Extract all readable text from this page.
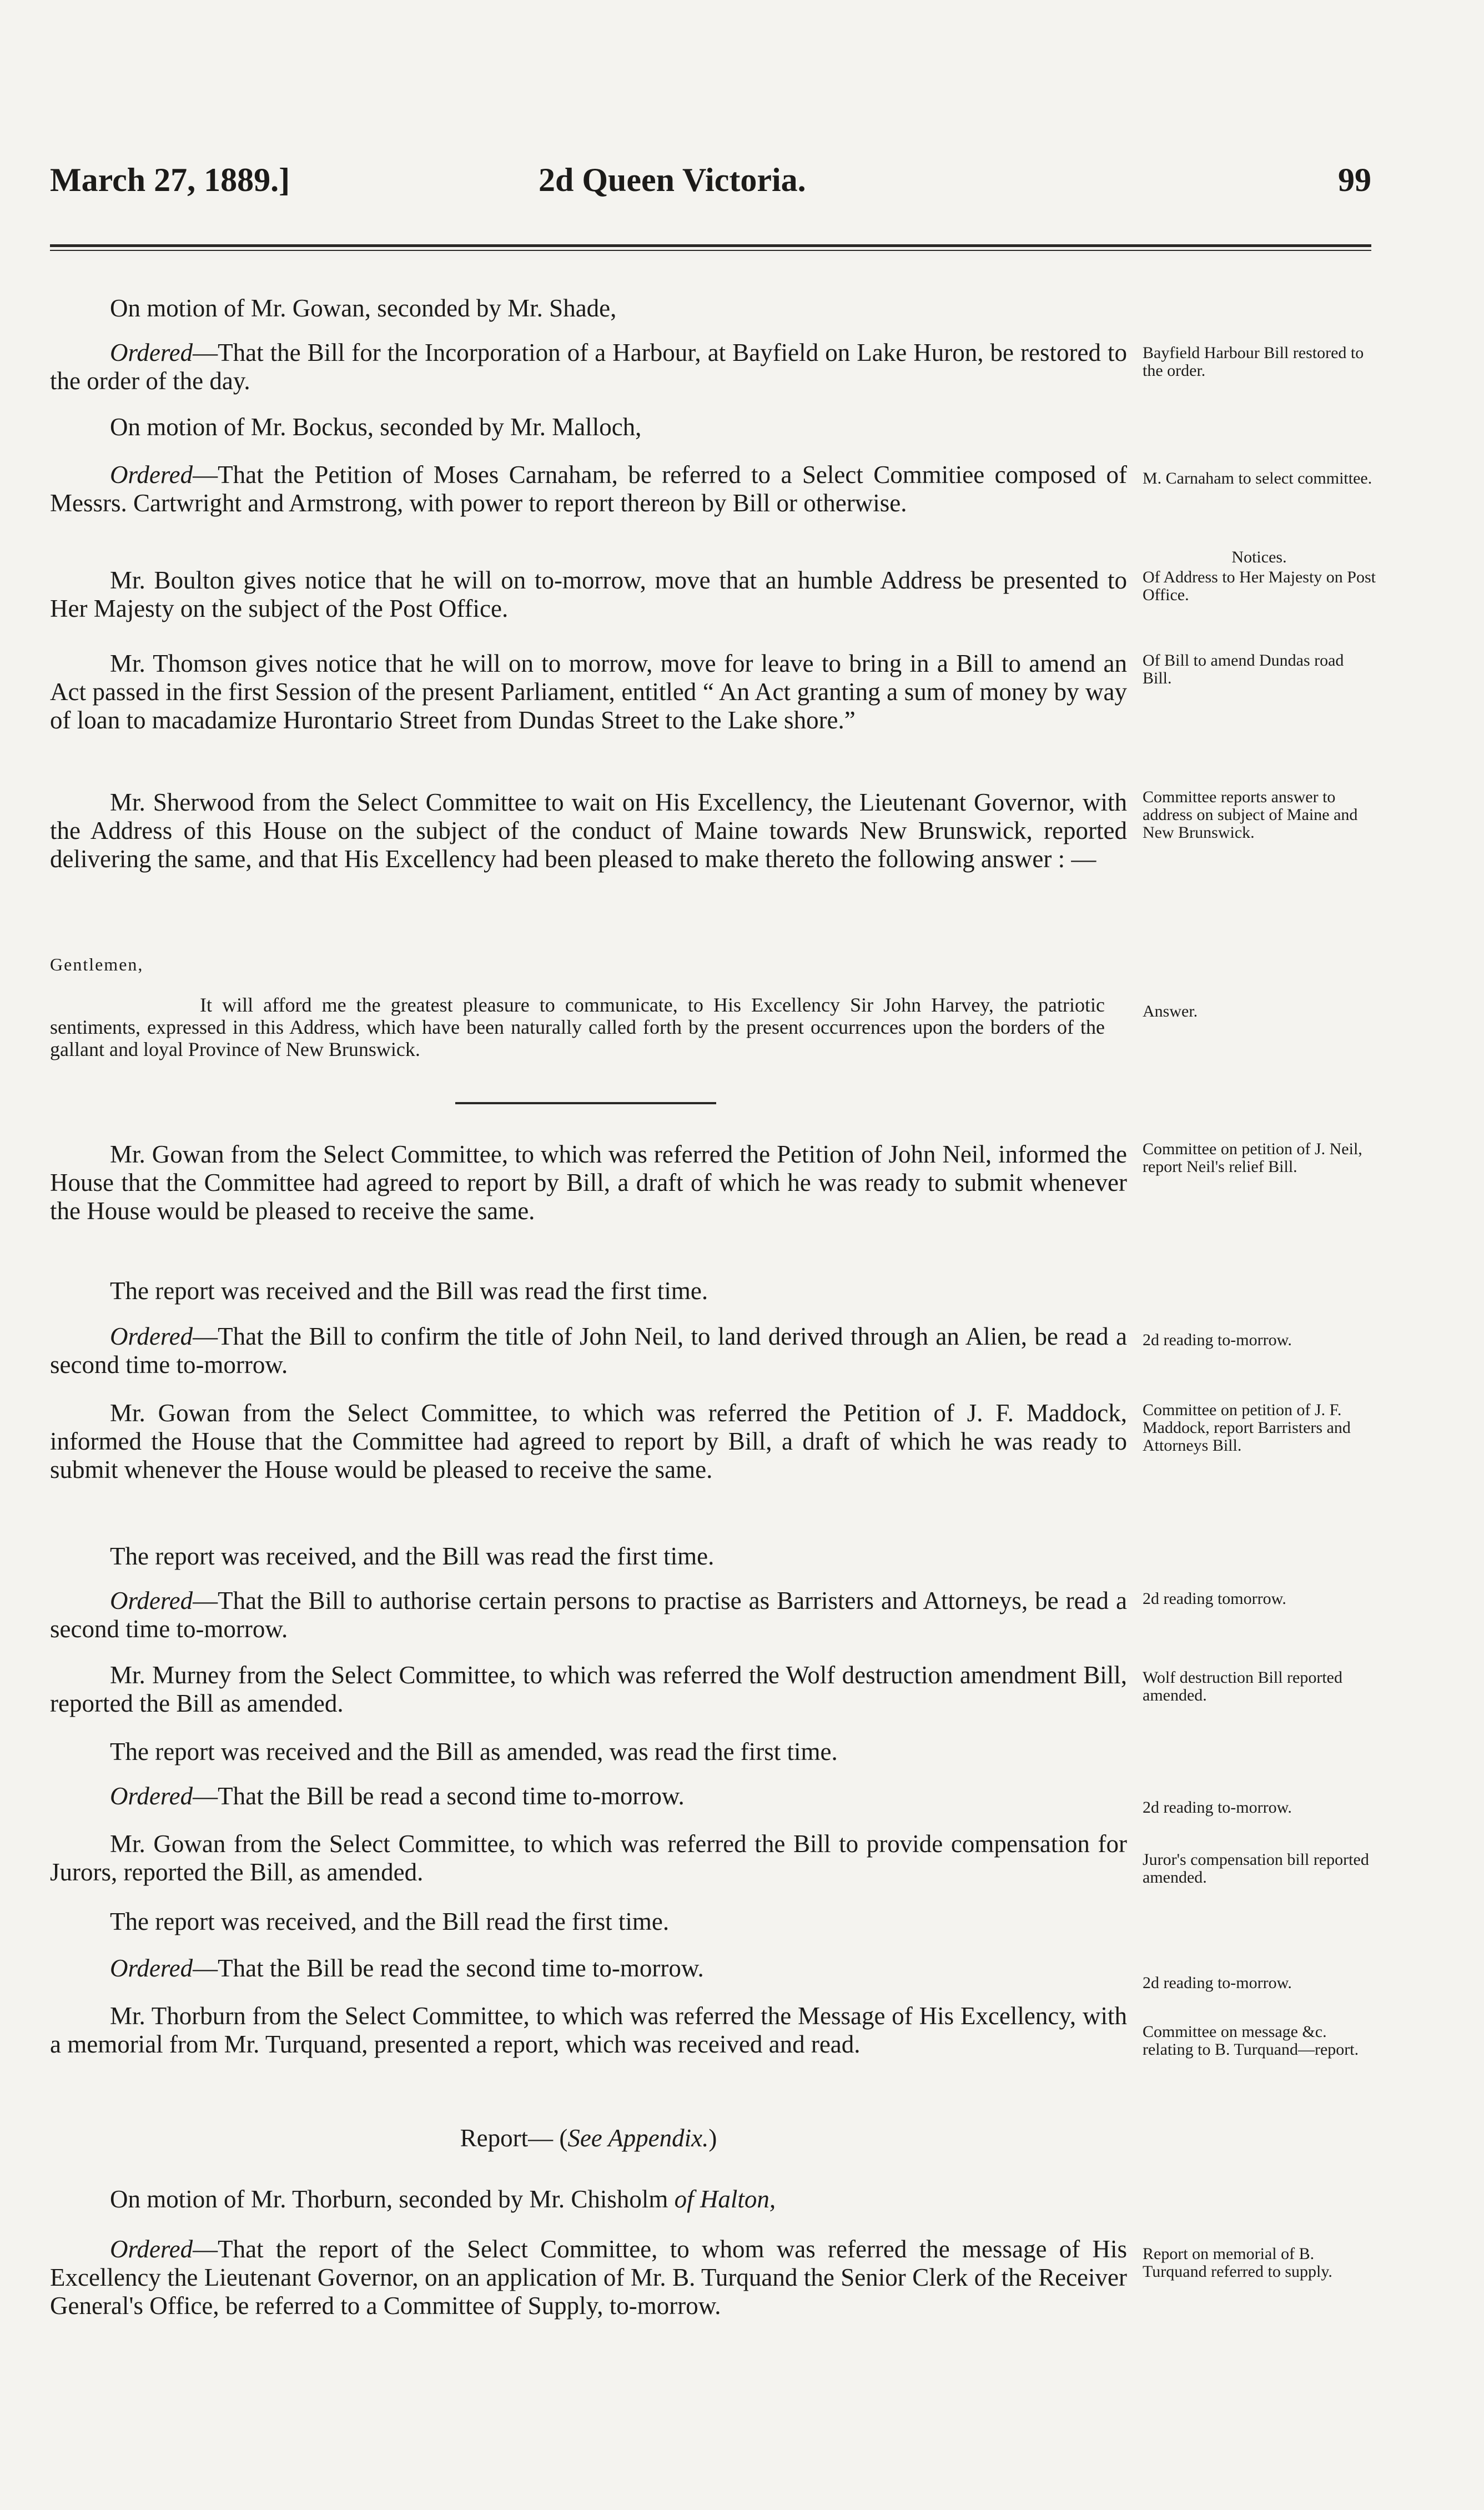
March 27, 1889.]	2d Queen Victoria.	99
On motion of Mr. Gowan, seconded by Mr. Shade,
Ordered—That the Bill for the Incorporation of a Harbour, at Bayfield on Lake Huron, be restored to the order of the day.
On motion of Mr. Bockus, seconded by Mr. Malloch,
Ordered—That the Petition of Moses Carnaham, be referred to a Select Commitiee composed of Messrs. Cartwright and Armstrong, with power to report thereon by Bill or otherwise.
Mr. Boulton gives notice that he will on to-morrow, move that an humble Address be presented to Her Majesty on the subject of the Post Office.
Mr. Thomson gives notice that he will on to morrow, move for leave to bring in a Bill to amend an Act passed in the first Session of the present Parliament, entitled “ An Act granting a sum of money by way of loan to macadamize Hurontario Street from Dundas Street to the Lake shore.”
Mr. Sherwood from the Select Committee to wait on His Excellency, the Lieutenant Governor, with the Address of this House on the subject of the conduct of Maine towards New Brunswick, reported delivering the same, and that His Excellency had been pleased to make thereto the following answer : —
Gentlemen,
It will afford me the greatest pleasure to communicate, to His Excellency Sir John Harvey, the patriotic sentiments, expressed in this Address, which have been naturally called forth by the present occurrences upon the borders of the gallant and loyal Province of New Brunswick.
Mr. Gowan from the Select Committee, to which was referred the Petition of John Neil, informed the House that the Committee had agreed to report by Bill, a draft of which he was ready to submit whenever the House would be pleased to receive the same.
The report was received and the Bill was read the first time.
Ordered—That the Bill to confirm the title of John Neil, to land derived through an Alien, be read a second time to-morrow.
Mr. Gowan from the Select Committee, to which was referred the Petition of J. F. Maddock, informed the House that the Committee had agreed to report by Bill, a draft of which he was ready to submit whenever the House would be pleased to receive the same.
The report was received, and the Bill was read the first time.
Ordered—That the Bill to authorise certain persons to practise as Barristers and Attorneys, be read a second time to-morrow.
Mr. Murney from the Select Committee, to which was referred the Wolf destruction amendment Bill, reported the Bill as amended.
The report was received and the Bill as amended, was read the first time.
Ordered—That the Bill be read a second time to-morrow.
Mr. Gowan from the Select Committee, to which was referred the Bill to provide compensation for Jurors, reported the Bill, as amended.
The report was received, and the Bill read the first time.
Ordered—That the Bill be read the second time to-morrow.
Mr. Thorburn from the Select Committee, to which was referred the Message of His Excellency, with a memorial from Mr. Turquand, presented a report, which was received and read.
Report— (See Appendix.)
On motion of Mr. Thorburn, seconded by Mr. Chisholm of Halton,
Ordered—That the report of the Select Committee, to whom was referred the message of His Excellency the Lieutenant Governor, on an application of Mr. B. Turquand the Senior Clerk of the Receiver General's Office, be referred to a Committee of Supply, to-morrow.
Bayfield Harbour Bill restored to the order.
M. Carnaham to select committee.
Notices.
Of Address to Her Majesty on Post Office.
Of Bill to amend Dundas road Bill.
Committee reports answer to address on subject of Maine and New Brunswick.
Answer.
Committee on petition of J. Neil, report Neil's relief Bill.
2d reading to-morrow.
Committee on petition of J. F. Maddock, report Barristers and Attorneys Bill.
2d reading tomorrow.
Wolf destruction Bill reported amended.
2d reading to-morrow.
Juror's compensation bill reported amended.
2d reading to-morrow.
Committee on message &c. relating to B. Turquand—report.
Report on memorial of B. Turquand referred to supply.
